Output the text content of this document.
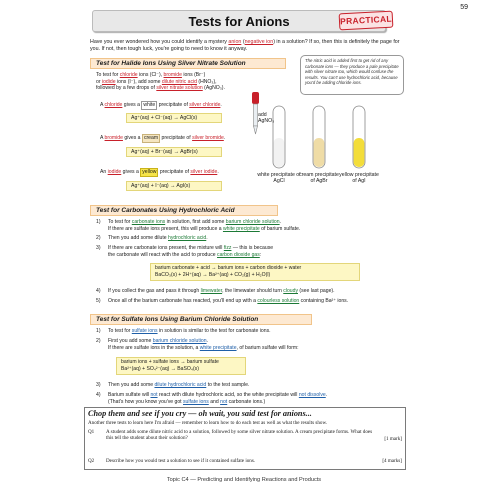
59
Tests for Anions	PRACTICAL
Have you ever wondered how you could identify a mystery anion (negative ion) in a solution? If so, then this is definitely the page for you. If not, then tough luck, you're going to need to know it anyway.
Test for Halide Ions Using Silver Nitrate Solution
To test for chloride ions (Cl⁻), bromide ions (Br⁻)
or iodide ions (I⁻), add some dilute nitric acid (HNO₃),
followed by a few drops of silver nitrate solution (AgNO₃).
The nitric acid is added first to get rid of any carbonate ions — they produce a pale precipitate with silver nitrate too, which would confuse the results. You can't use hydrochloric acid, because you'd be adding chloride ions.
A chloride gives a white precipitate of silver chloride.
Ag⁺(aq) + Cl⁻(aq) → AgCl(s)
A bromide gives a cream precipitate of silver bromide.
Ag⁺(aq) + Br⁻(aq) → AgBr(s)
An iodide gives a yellow precipitate of silver iodide.
Ag⁺(aq) + I⁻(aq) → AgI(s)
add
AgNO₃
white precipitate of AgCl
cream precipitate of AgBr
yellow precipitate of AgI
Test for Carbonates Using Hydrochloric Acid
1) To test for carbonate ions in solution, first add some barium chloride solution.
If there are sulfate ions present, this will produce a white precipitate of barium sulfate.
2) Then you add some dilute hydrochloric acid.
3) If there are carbonate ions present, the mixture will fizz — this is because
the carbonate will react with the acid to produce carbon dioxide gas:
barium carbonate + acid → barium ions + carbon dioxide + water
BaCO₃(s) + 2H⁺(aq) → Ba²⁺(aq) + CO₂(g) + H₂O(l)
4) If you collect the gas and pass it through limewater, the limewater should turn cloudy (see last page).
5) Once all of the barium carbonate has reacted, you'll end up with a colourless solution containing Ba²⁺ ions.
Test for Sulfate Ions Using Barium Chloride Solution
1) To test for sulfate ions in solution is similar to the test for carbonate ions.
2) First you add some barium chloride solution.
If there are sulfate ions in the solution, a white precipitate, of barium sulfate will form:
barium ions + sulfate ions → barium sulfate
Ba²⁺(aq) + SO₄²⁻(aq) → BaSO₄(s)
3) Then you add some dilute hydrochloric acid to the test sample.
4) Barium sulfate will not react with dilute hydrochloric acid, so the white precipitate will not dissolve.
(That's how you know you've got sulfate ions and not carbonate ions.)
Chop them and see if you cry — oh wait, you said test for anions...
Another three tests to learn here I'm afraid — remember to learn how to do each test as well as what the results show.
Q1 A student adds some dilute nitric acid to a solution, followed by some silver nitrate solution. A cream precipitate forms. What does this tell the student about their solution?	[1 mark]
Q2 Describe how you would test a solution to see if it contained sulfate ions.	[4 marks]
Topic C4 — Predicting and Identifying Reactions and Products
